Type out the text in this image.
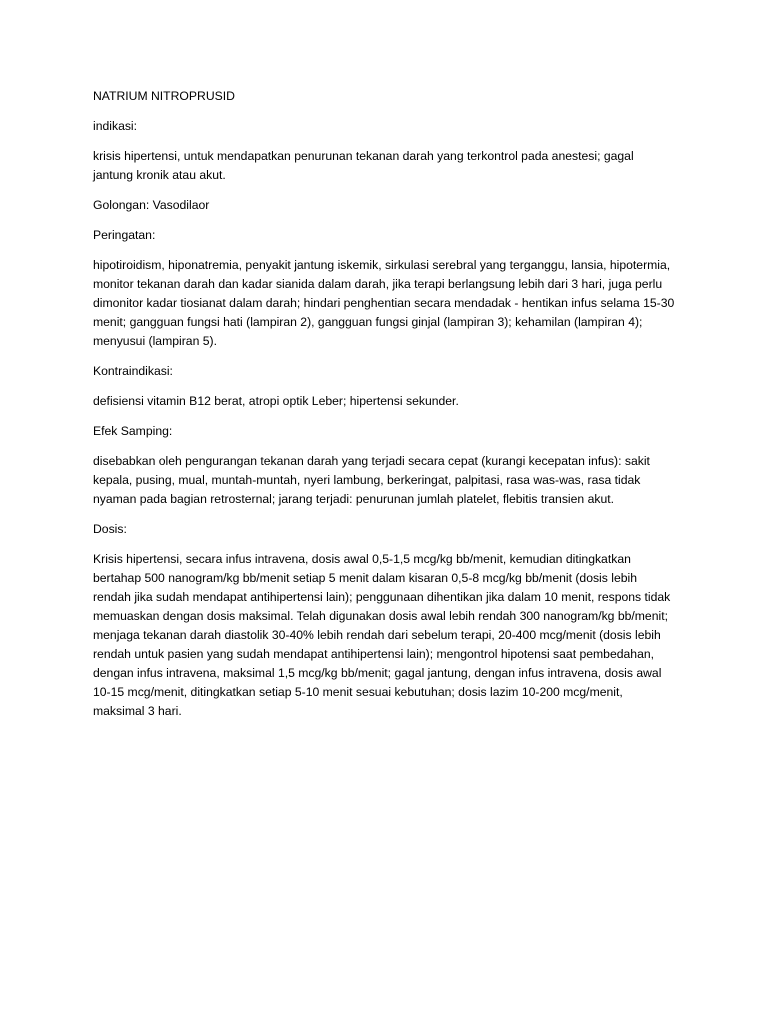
NATRIUM NITROPRUSID

indikasi:

krisis hipertensi, untuk mendapatkan penurunan tekanan darah yang terkontrol pada anestesi; gagal jantung kronik atau akut.

Golongan: Vasodilaor

Peringatan:

hipotiroidism, hiponatremia, penyakit jantung iskemik, sirkulasi serebral yang terganggu, lansia, hipotermia, monitor tekanan darah dan kadar sianida dalam darah, jika terapi berlangsung lebih dari 3 hari, juga perlu dimonitor kadar tiosianat dalam darah; hindari penghentian secara mendadak - hentikan infus selama 15-30 menit; gangguan fungsi hati (lampiran 2), gangguan fungsi ginjal (lampiran 3); kehamilan (lampiran 4); menyusui (lampiran 5).

Kontraindikasi:

defisiensi vitamin B12 berat, atropi optik Leber; hipertensi sekunder.

Efek Samping:

disebabkan oleh pengurangan tekanan darah yang terjadi secara cepat (kurangi kecepatan infus): sakit kepala, pusing, mual, muntah-muntah, nyeri lambung, berkeringat, palpitasi, rasa was-was, rasa tidak nyaman pada bagian retrosternal; jarang terjadi: penurunan jumlah platelet, flebitis transien akut.

Dosis:

Krisis hipertensi, secara infus intravena, dosis awal 0,5-1,5 mcg/kg bb/menit, kemudian ditingkatkan bertahap 500 nanogram/kg bb/menit setiap 5 menit dalam kisaran 0,5-8 mcg/kg bb/menit (dosis lebih rendah jika sudah mendapat antihipertensi lain); penggunaan dihentikan jika dalam 10 menit, respons tidak memuaskan dengan dosis maksimal. Telah digunakan dosis awal lebih rendah 300 nanogram/kg bb/menit; menjaga tekanan darah diastolik 30-40% lebih rendah dari sebelum terapi, 20-400 mcg/menit (dosis lebih rendah untuk pasien yang sudah mendapat antihipertensi lain); mengontrol hipotensi saat pembedahan, dengan infus intravena, maksimal 1,5 mcg/kg bb/menit; gagal jantung, dengan infus intravena, dosis awal 10-15 mcg/menit, ditingkatkan setiap 5-10 menit sesuai kebutuhan; dosis lazim 10-200 mcg/menit, maksimal 3 hari.
